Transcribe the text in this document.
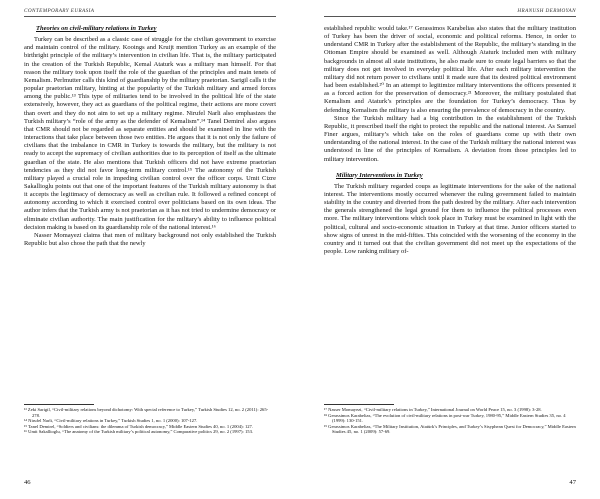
CONTEMPORARY EURASIA
Theories on civil-military relations in Turkey

Turkey can be described as a classic case of struggle for the civilian government to exercise and maintain control of the military. Kooings and Kruijt mention Turkey as an example of the birthright principle of the military’s intervention in civilian life. That is, the military participated in the creation of the Turkish Republic, Kemal Ataturk was a military man himself. For that reason the military took upon itself the role of the guardian of the principles and main tenets of Kemalism. Perlmutter calls this kind of guardianship by the military praetorian. Sarigil calls it the popular praetorian military, hinting at the popularity of the Turkish military and armed forces among the public.¹³ This type of militaries tend to be involved in the political life of the state extensively, however, they act as guardians of the political regime, their actions are more covert than overt and they do not aim to set up a military regime. Nirufel Narli also emphasizes the Turkish military’s “role of the army as the defender of Kemalism”.¹⁴ Tanel Demirel also argues that CMR should not be regarded as separate entities and should be examined in line with the interactions that take place between those two entities. He argues that it is not only the failure of civilians that the imbalance in CMR in Turkey is towards the military, but the military is not ready to accept the supremacy of civilian authorities due to its perception of itself as the ultimate guardian of the state. He also mentions that Turkish officers did not have extreme praetorian tendencies as they did not favor long-term military control.¹⁵ The autonomy of the Turkish military played a crucial role in impeding civilian control over the officer corps. Umit Cizre Sakallioglu points out that one of the important features of the Turkish military autonomy is that it accepts the legitimacy of democracy as well as civilian rule. It followed a refined concept of autonomy according to which it exercised control over politicians based on its own ideas. The author infers that the Turkish army is not praetorian as it has not tried to undermine democracy or eliminate civilian authority. The main justification for the military’s ability to influence political decision making is based on its guardianship role of the national interest.¹⁶

Nasser Momayezi claims that men of military background not only established the Turkish Republic but also chose the path that the newly

¹³ Zeki Sarigil, “Civil-military relations beyond dichotomy: With special reference to Turkey,” Turkish Studies 12, no. 2 (2011): 265-278.

¹⁴ Nirufel Narli, “Civil-military relations in Turkey,” Turkish Studies 1, no. 1 (2000): 107-127.

¹⁵ Tanel Demirel, “Soldiers and civilians: the dilemma of Turkish democracy,” Middle Eastern Studies 40, no. 1 (2004): 127.

¹⁶ Umit Sakallioglu, “The anatomy of the Turkish military’s political autonomy,” Comparative politics 29, no. 2 (1997): 153.

46
HRANUSH DERMOYAN

established republic would take.¹⁷ Gerassimos Karabelias also states that the military institution of Turkey has been the driver of social, economic and political reforms. Hence, in order to understand CMR in Turkey after the establishment of the Republic, the military’s standing in the Ottoman Empire should be examined as well. Although Ataturk included men with military backgrounds in almost all state institutions, he also made sure to create legal barriers so that the military does not get involved in everyday political life. After each military intervention the military did not return power to civilians until it made sure that its desired political environment had been established.²⁰ In an attempt to legitimize military interventions the officers presented it as a forced action for the preservation of democracy.²¹ Moreover, the military postulated that Kemalism and Ataturk’s principles are the foundation for Turkey’s democracy. Thus by defending Kemalism the military is also ensuring the prevalence of democracy in the country.

Since the Turkish military had a big contribution in the establishment of the Turkish Republic, it prescribed itself the right to protect the republic and the national interest. As Samuel Finer argues, military’s which take on the roles of guardians come up with their own understanding of the national interest. In the case of the Turkish military the national interest was understood in line of the principles of Kemalism. A deviation from those principles led to military intervention.

Military Interventions in Turkey

The Turkish military regarded coups as legitimate interventions for the sake of the national interest. The interventions mostly occurred whenever the ruling government failed to maintain stability in the country and diverted from the path desired by the military. After each intervention the generals strengthened the legal ground for them to influence the political processes even more. The military interventions which took place in Turkey must be examined in light with the political, cultural and socio-economic situation in Turkey at that time. Junior officers started to show signs of unrest in the mid-fifties. This coincided with the worsening of the economy in the country and it turned out that the civilian government did not meet up the expectations of the people. Low ranking military of-

¹⁷ Nasser Momayezi, “Civil-military relations in Turkey,” International Journal on World Peace 15, no. 3 (1998): 3-28.

¹⁸ Gerassimos Karabelias, “The evolution of civil-military relations in post-war Turkey, 1980-95,” Middle Eastern Studies 35, no. 4 (1999): 130-151.

¹⁹ Gerassimos Karabelias, “The Military Institution, Atatürk’s Principles, and Turkey’s Sisyphean Quest for Democracy,” Middle Eastern Studies 45, no. 1 (2009): 57-69.

47
